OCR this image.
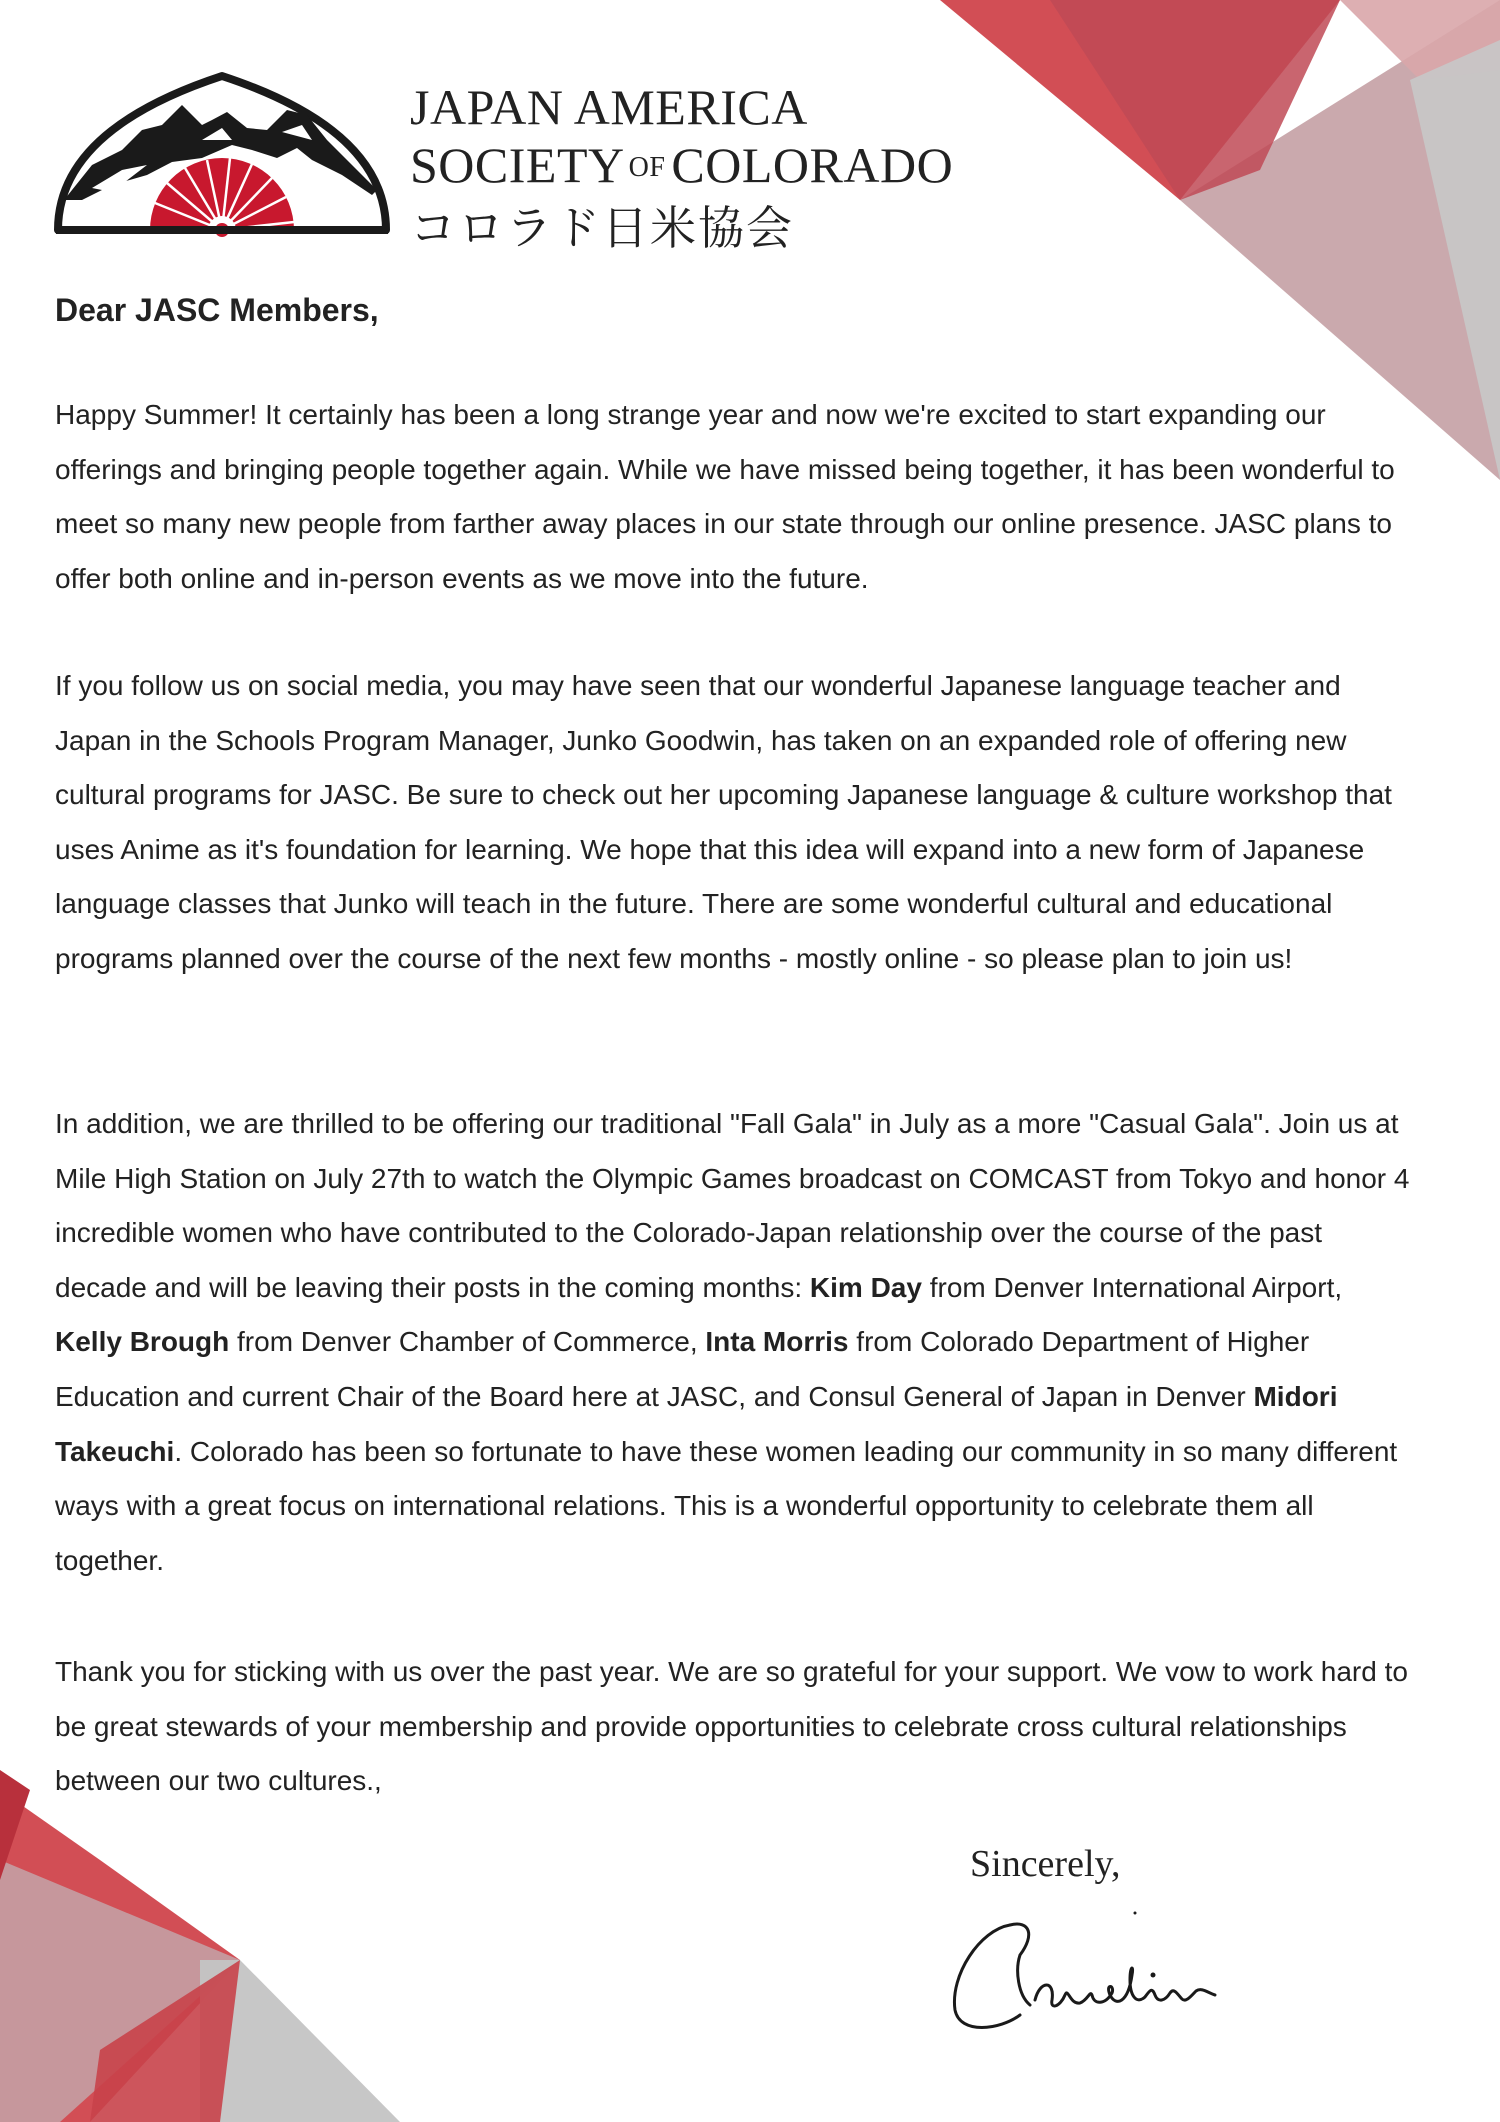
JAPAN AMERICA
SOCIETY OF COLORADO
コロラド日米協会
Dear JASC Members,

Happy Summer! It certainly has been a long strange year and now we're excited to start expanding our offerings and bringing people together again. While we have missed being together, it has been wonderful to meet so many new people from farther away places in our state through our online presence. JASC plans to offer both online and in-person events as we move into the future.

If you follow us on social media, you may have seen that our wonderful Japanese language teacher and Japan in the Schools Program Manager, Junko Goodwin, has taken on an expanded role of offering new cultural programs for JASC. Be sure to check out her upcoming Japanese language & culture workshop that uses Anime as it's foundation for learning. We hope that this idea will expand into a new form of Japanese language classes that Junko will teach in the future. There are some wonderful cultural and educational programs planned over the course of the next few months - mostly online - so please plan to join us!

In addition, we are thrilled to be offering our traditional "Fall Gala" in July as a more "Casual Gala". Join us at Mile High Station on July 27th to watch the Olympic Games broadcast on COMCAST from Tokyo and honor 4 incredible women who have contributed to the Colorado-Japan relationship over the course of the past decade and will be leaving their posts in the coming months: Kim Day from Denver International Airport, Kelly Brough from Denver Chamber of Commerce, Inta Morris from Colorado Department of Higher Education and current Chair of the Board here at JASC, and Consul General of Japan in Denver Midori Takeuchi. Colorado has been so fortunate to have these women leading our community in so many different ways with a great focus on international relations. This is a wonderful opportunity to celebrate them all together.

Thank you for sticking with us over the past year. We are so grateful for your support. We vow to work hard to be great stewards of your membership and provide opportunities to celebrate cross cultural relationships between our two cultures.,

Sincerely,
